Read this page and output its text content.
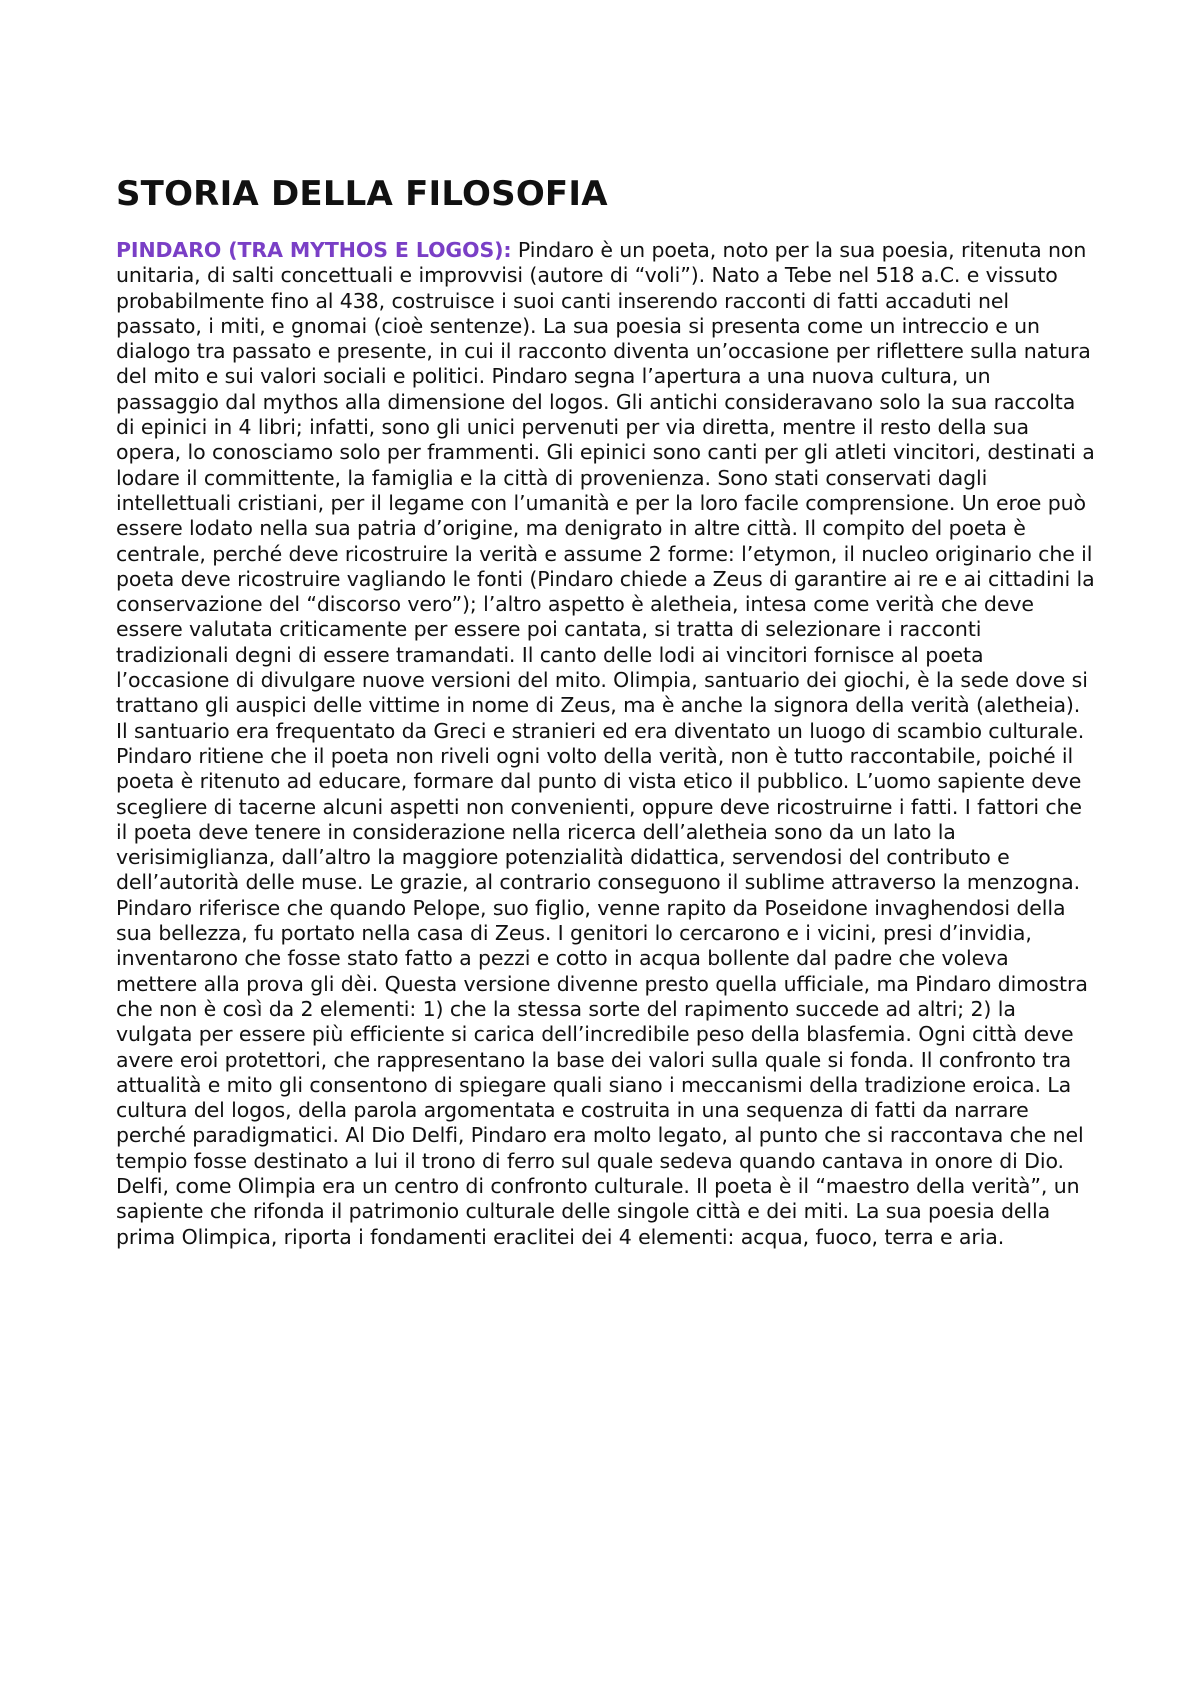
STORIA DELLA FILOSOFIA

PINDARO (TRA MYTHOS E LOGOS): Pindaro è un poeta, noto per la sua poesia, ritenuta non unitaria, di salti concettuali e improvvisi (autore di “voli”). Nato a Tebe nel 518 a.C. e vissuto probabilmente fino al 438, costruisce i suoi canti inserendo racconti di fatti accaduti nel passato, i miti, e gnomai (cioè sentenze). La sua poesia si presenta come un intreccio e un dialogo tra passato e presente, in cui il racconto diventa un’occasione per riflettere sulla natura del mito e sui valori sociali e politici. Pindaro segna l’apertura a una nuova cultura, un passaggio dal mythos alla dimensione del logos. Gli antichi consideravano solo la sua raccolta di epinici in 4 libri; infatti, sono gli unici pervenuti per via diretta, mentre il resto della sua opera, lo conosciamo solo per frammenti. Gli epinici sono canti per gli atleti vincitori, destinati a lodare il committente, la famiglia e la città di provenienza. Sono stati conservati dagli intellettuali cristiani, per il legame con l’umanità e per la loro facile comprensione. Un eroe può essere lodato nella sua patria d’origine, ma denigrato in altre città. Il compito del poeta è centrale, perché deve ricostruire la verità e assume 2 forme: l’etymon, il nucleo originario che il poeta deve ricostruire vagliando le fonti (Pindaro chiede a Zeus di garantire ai re e ai cittadini la conservazione del “discorso vero”); l’altro aspetto è aletheia, intesa come verità che deve essere valutata criticamente per essere poi cantata, si tratta di selezionare i racconti tradizionali degni di essere tramandati. Il canto delle lodi ai vincitori fornisce al poeta l’occasione di divulgare nuove versioni del mito. Olimpia, santuario dei giochi, è la sede dove si trattano gli auspici delle vittime in nome di Zeus, ma è anche la signora della verità (aletheia). Il santuario era frequentato da Greci e stranieri ed era diventato un luogo di scambio culturale. Pindaro ritiene che il poeta non riveli ogni volto della verità, non è tutto raccontabile, poiché il poeta è ritenuto ad educare, formare dal punto di vista etico il pubblico. L’uomo sapiente deve scegliere di tacerne alcuni aspetti non convenienti, oppure deve ricostruirne i fatti. I fattori che il poeta deve tenere in considerazione nella ricerca dell’aletheia sono da un lato la verisimiglianza, dall’altro la maggiore potenzialità didattica, servendosi del contributo e dell’autorità delle muse. Le grazie, al contrario conseguono il sublime attraverso la menzogna. Pindaro riferisce che quando Pelope, suo figlio, venne rapito da Poseidone invaghendosi della sua bellezza, fu portato nella casa di Zeus. I genitori lo cercarono e i vicini, presi d’invidia, inventarono che fosse stato fatto a pezzi e cotto in acqua bollente dal padre che voleva mettere alla prova gli dèi. Questa versione divenne presto quella ufficiale, ma Pindaro dimostra che non è così da 2 elementi: 1) che la stessa sorte del rapimento succede ad altri; 2) la vulgata per essere più efficiente si carica dell’incredibile peso della blasfemia. Ogni città deve avere eroi protettori, che rappresentano la base dei valori sulla quale si fonda. Il confronto tra attualità e mito gli consentono di spiegare quali siano i meccanismi della tradizione eroica. La cultura del logos, della parola argomentata e costruita in una sequenza di fatti da narrare perché paradigmatici. Al Dio Delfi, Pindaro era molto legato, al punto che si raccontava che nel tempio fosse destinato a lui il trono di ferro sul quale sedeva quando cantava in onore di Dio. Delfi, come Olimpia era un centro di confronto culturale. Il poeta è il “maestro della verità”, un sapiente che rifonda il patrimonio culturale delle singole città e dei miti. La sua poesia della prima Olimpica, riporta i fondamenti eraclitei dei 4 elementi: acqua, fuoco, terra e aria.
